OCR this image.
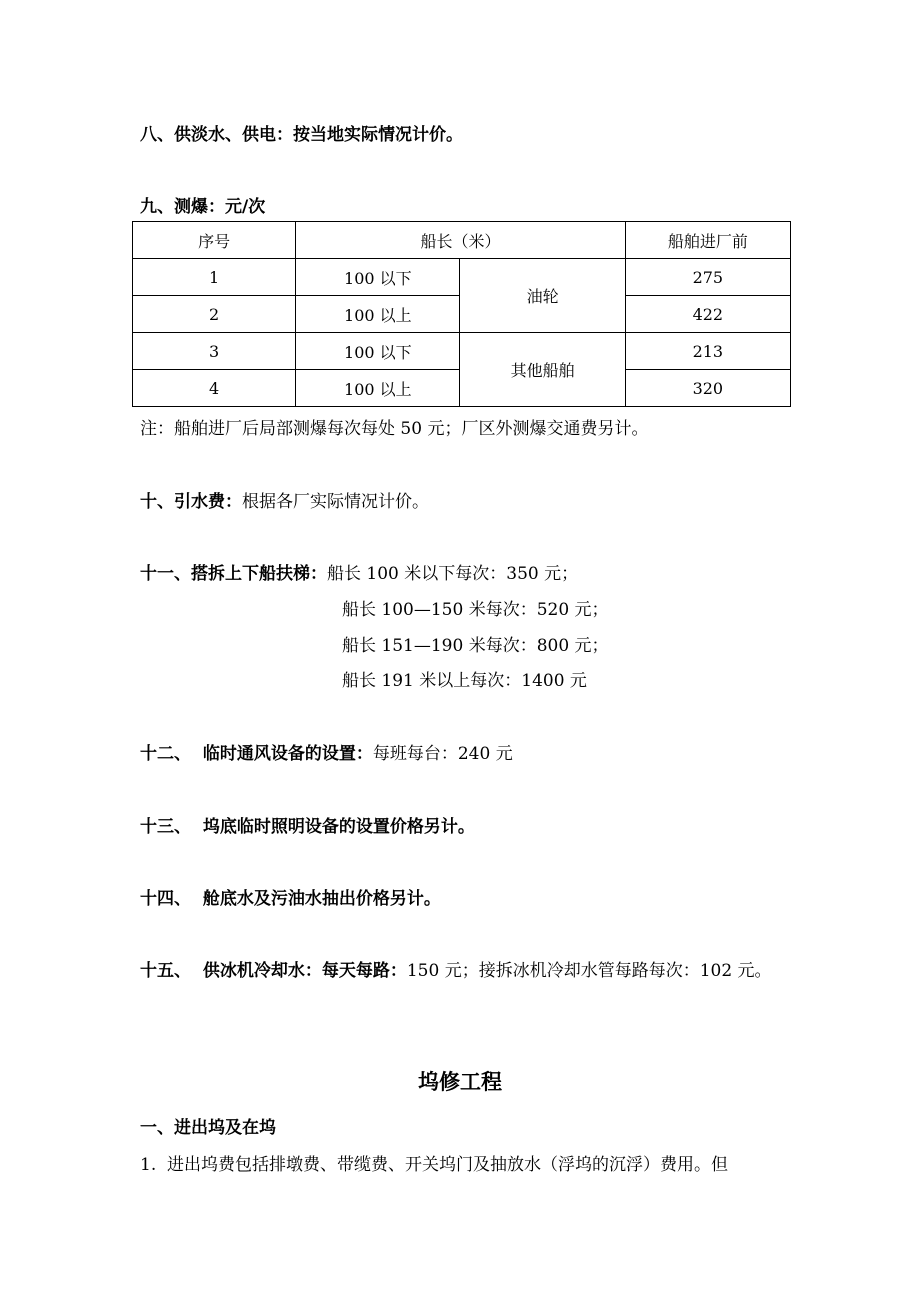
八、供淡水、供电：按当地实际情况计价。
九、测爆：元/次
序号	船长（米）		船舶进厂前
1	100 以下	油轮	275
2	100 以上		422
3	100 以下	其他船舶	213
4	100 以上		320
注：船舶进厂后局部测爆每次每处 50 元；厂区外测爆交通费另计。
十、引水费：根据各厂实际情况计价。
十一、搭拆上下船扶梯：船长 100 米以下每次：350 元；
船长 100—150 米每次：520 元；
船长 151—190 米每次：800 元；
船长 191 米以上每次：1400 元
十二、  临时通风设备的设置：每班每台：240 元
十三、  坞底临时照明设备的设置价格另计。
十四、  舱底水及污油水抽出价格另计。
十五、  供冰机冷却水：每天每路：150 元；接拆冰机冷却水管每路每次：102 元。
坞修工程
一、进出坞及在坞
1.  进出坞费包括排墩费、带缆费、开关坞门及抽放水（浮坞的沉浮）费用。但
